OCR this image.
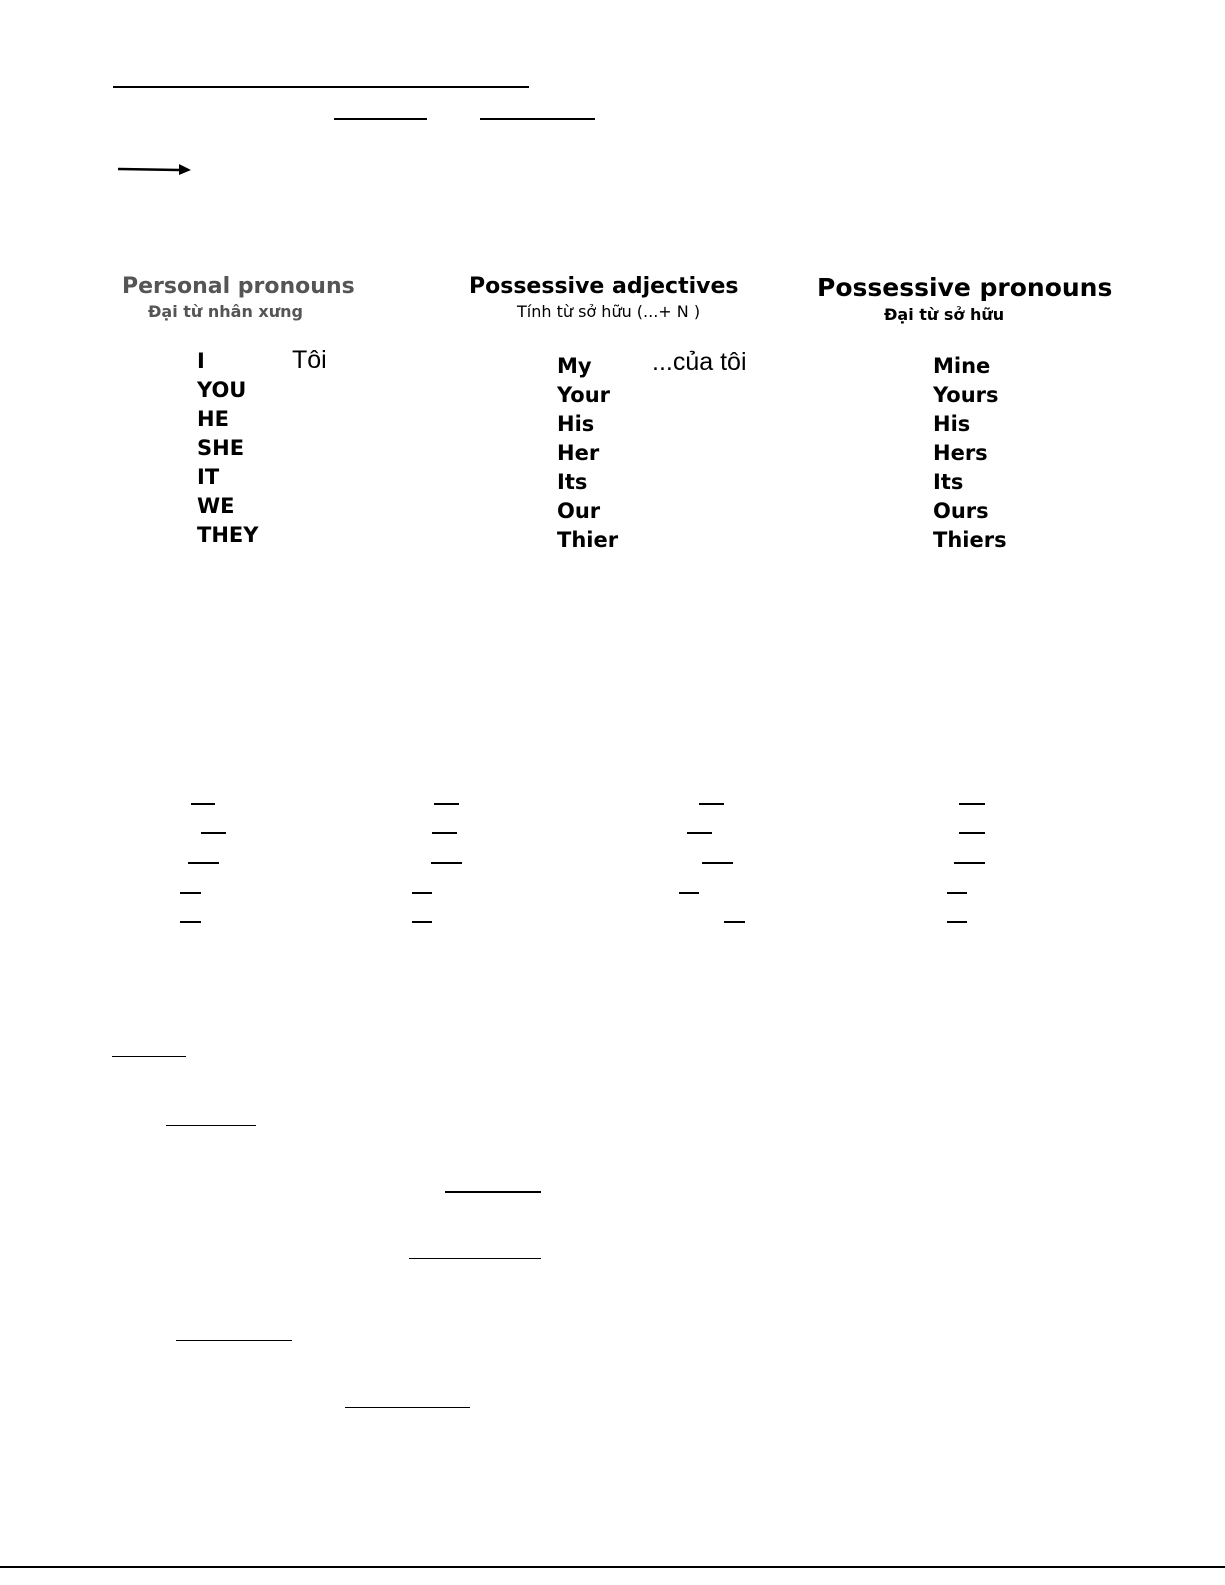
Personal pronouns
Đại từ nhân xưng
Possessive adjectives
Tính từ sở hữu (...+ N )
Possessive pronouns
Đại từ sở hữu
I
YOU
HE
SHE
IT
WE
THEY
Tôi	My
Your
His
Her
Its
Our
Thier
...của tôi	Mine
Yours
His
Hers
Its
Ours
Thiers
